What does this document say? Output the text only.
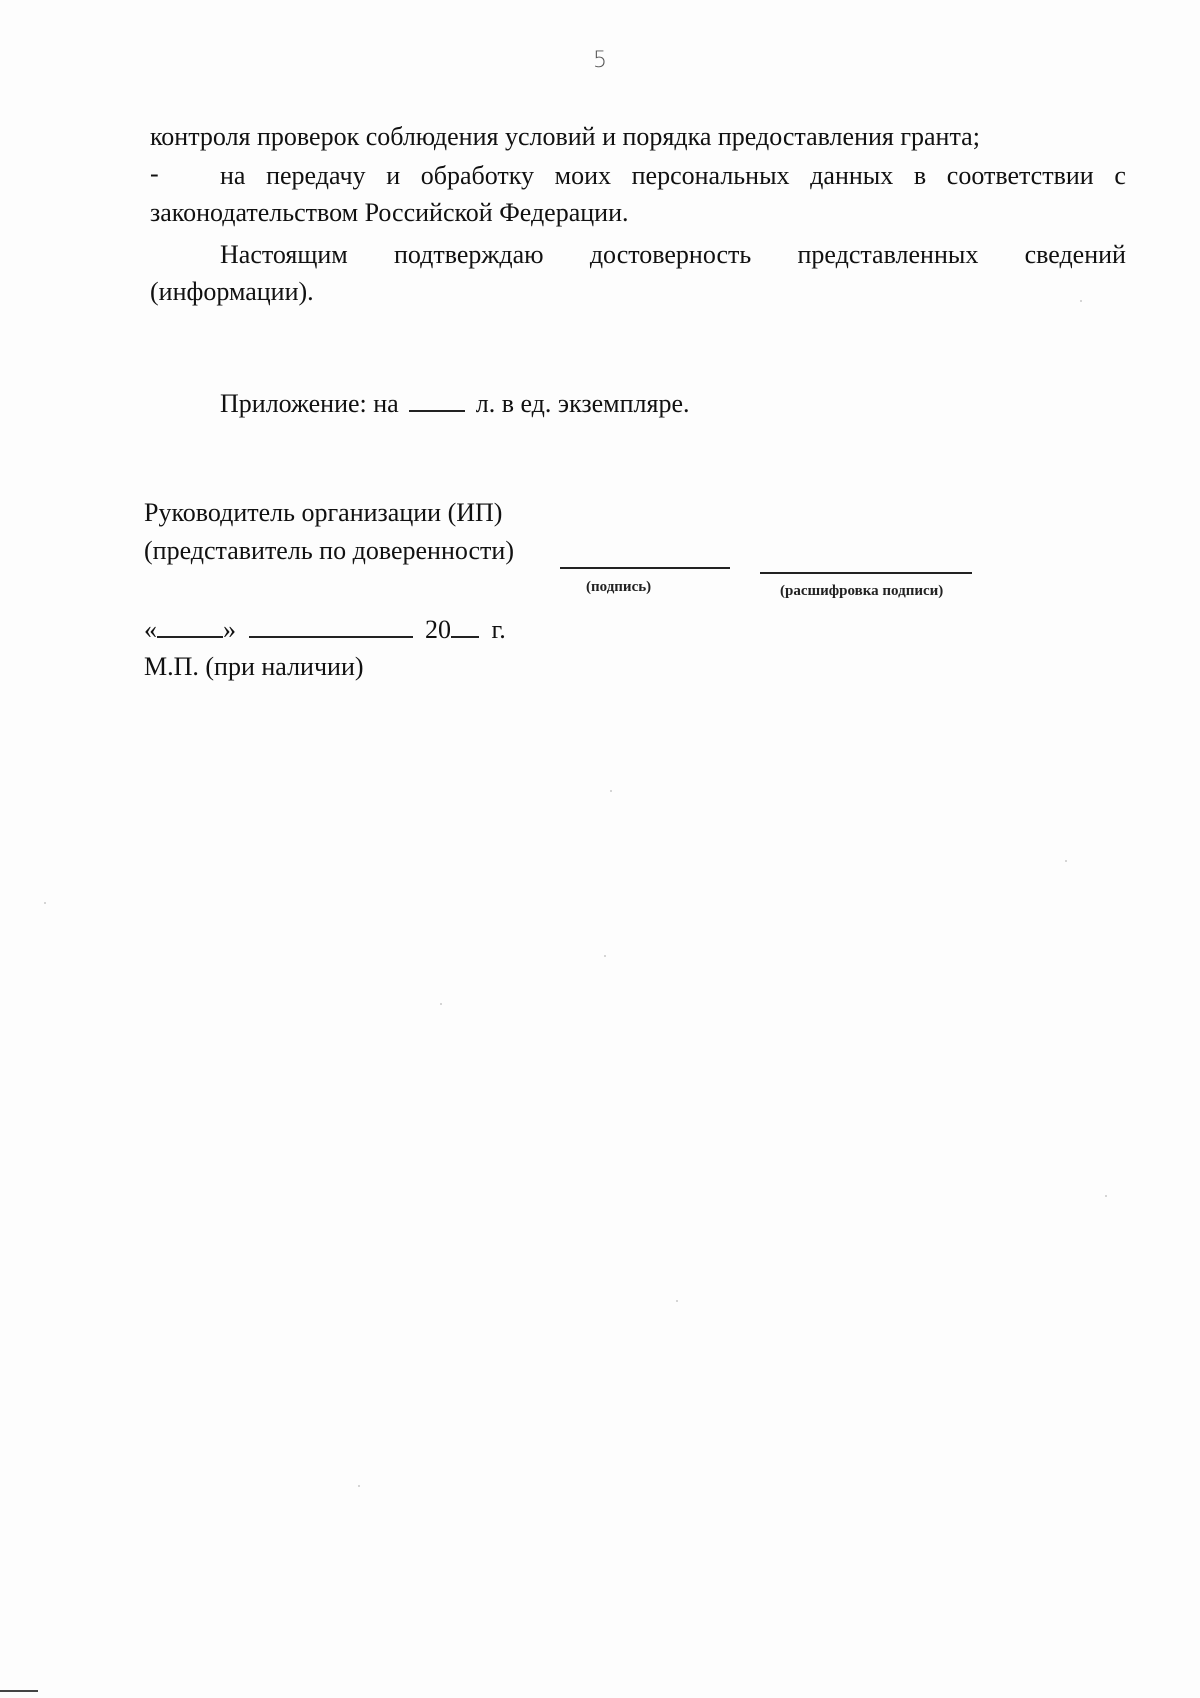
5
контроля проверок соблюдения условий и порядка предоставления гранта;
- на передачу и обработку моих персональных данных в соответствии с
законодательством Российской Федерации.
Настоящим подтверждаю достоверность представленных сведений
(информации).
Приложение: на	л. в ед. экземпляре.
Руководитель организации (ИП)
(представитель по доверенности)
(подпись)	(расшифровка подписи)
«	»	20 г.
М.П. (при наличии)
